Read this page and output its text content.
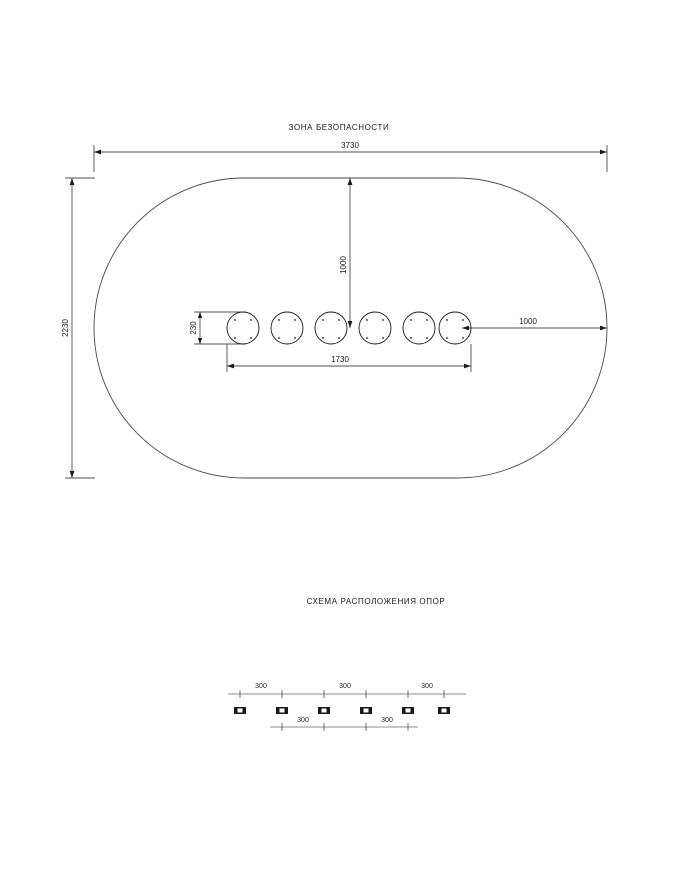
ЗОНА БЕЗОПАСНОСТИ
3730
2230
1000
1000
230
1730
СХЕМА РАСПОЛОЖЕНИЯ ОПОР
300	300	300
300	300
